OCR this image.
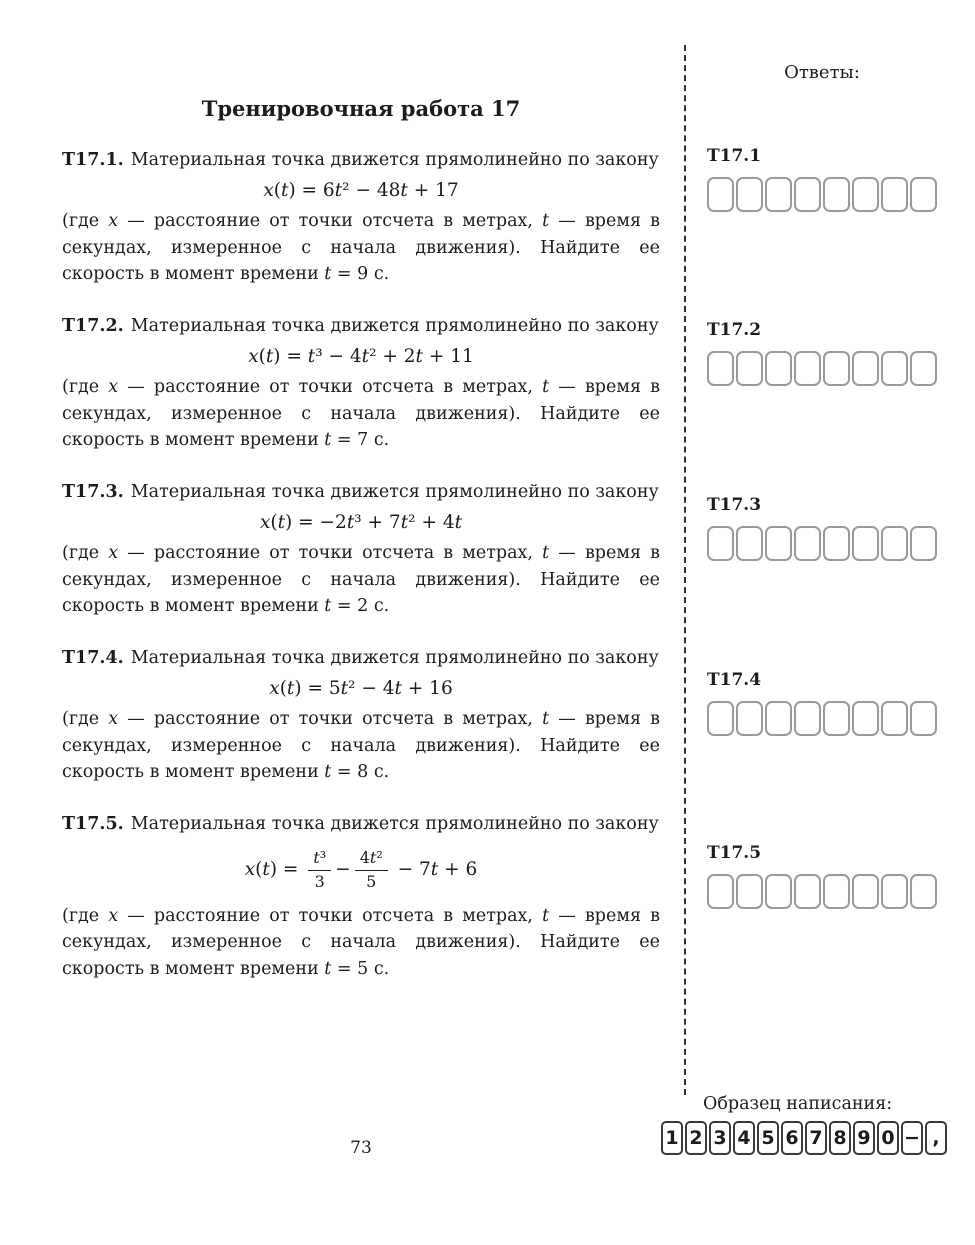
Тренировочная работа 17

Т17.1. Материальная точка движется прямолинейно по закону

x(t) = 6t² − 48t + 17

(где x — расстояние от точки отсчета в метрах, t — время в секундах, измеренное с начала движения). Найдите ее скорость в момент времени t = 9 с.

Т17.2. Материальная точка движется прямолинейно по закону

x(t) = t³ − 4t² + 2t + 11

(где x — расстояние от точки отсчета в метрах, t — время в секундах, измеренное с начала движения). Найдите ее скорость в момент времени t = 7 с.

Т17.3. Материальная точка движется прямолинейно по закону

x(t) = −2t³ + 7t² + 4t

(где x — расстояние от точки отсчета в метрах, t — время в секундах, измеренное с начала движения). Найдите ее скорость в момент времени t = 2 с.

Т17.4. Материальная точка движется прямолинейно по закону

x(t) = 5t² − 4t + 16

(где x — расстояние от точки отсчета в метрах, t — время в секундах, измеренное с начала движения). Найдите ее скорость в момент времени t = 8 с.

Т17.5. Материальная точка движется прямолинейно по закону

$x(t) = \frac{\text{t³}}{3} - \frac{\text{4t²}}{5} - 7t + 6$

(где x — расстояние от точки отсчета в метрах, t — время в секундах, измеренное с начала движения). Найдите ее скорость в момент времени t = 5 с.

Ответы:
Т17.1
Т17.2
Т17.3
Т17.4
Т17.5
Образец написания:
1 2 3 4 5 6 7 8 9 0 − ,
73
